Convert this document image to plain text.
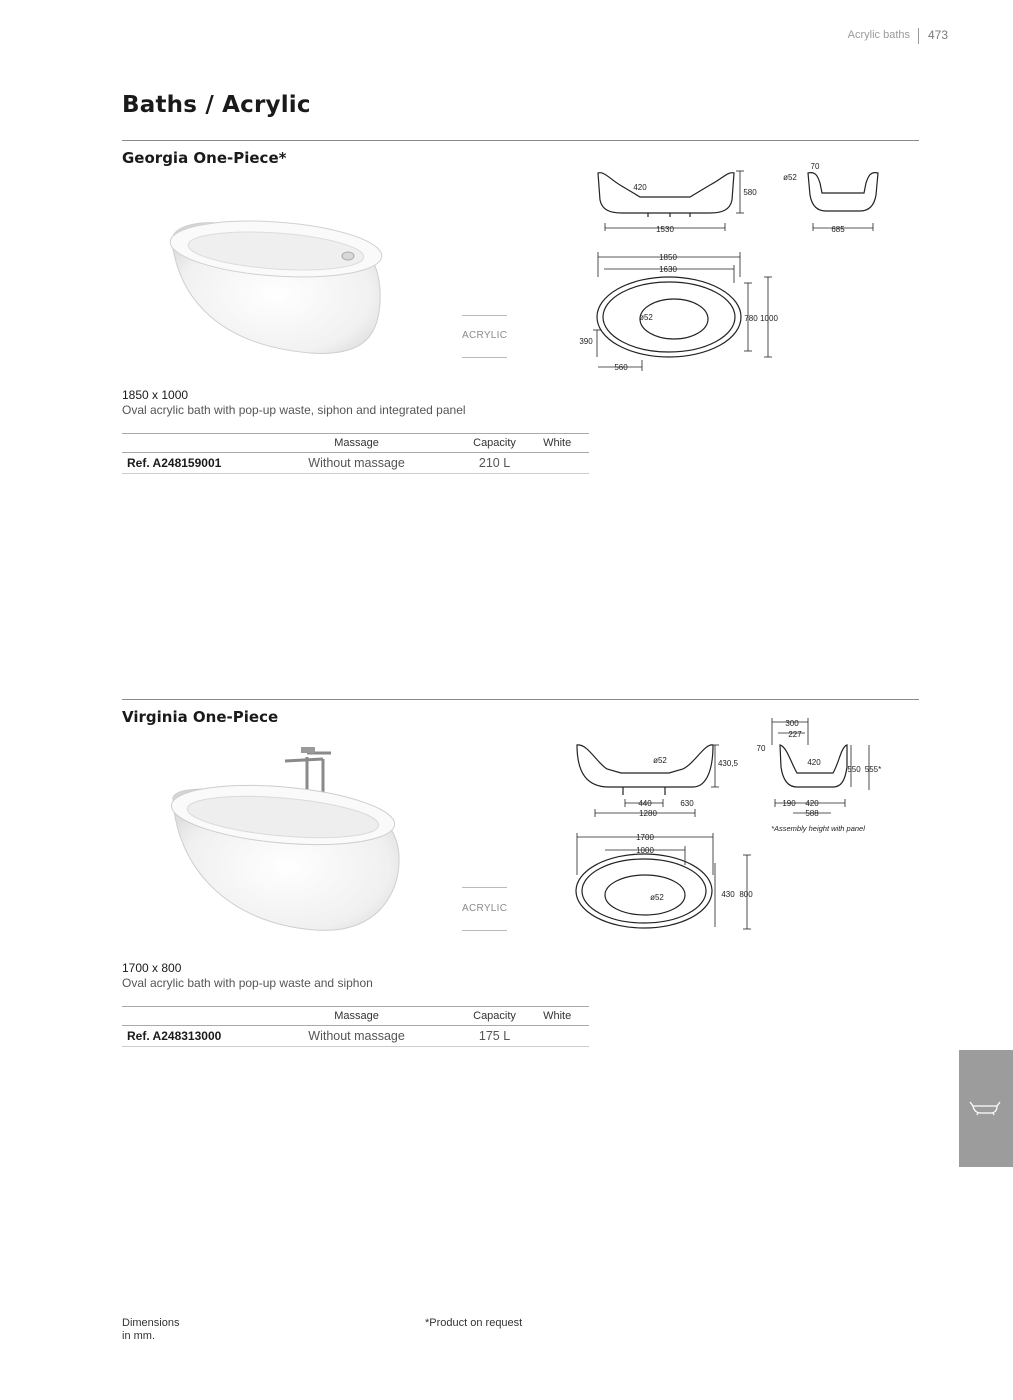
Acrylic baths 473
Baths / Acrylic
Georgia One-Piece*
ACRYLIC
420
580
1530
70
ø52
685
1850
1630
ø52	780 1000
390
560
1850 x 1000
Oval acrylic bath with pop-up waste, siphon and integrated panel
	Massage	Capacity	White
Ref. A248159001	Without massage	210 L	
Virginia One-Piece
ACRYLIC
ø52	430,5
440	630
1280
300
227
70
420
550 555*
190 420
588
*Assembly height with panel
1700
1000
ø52	430 800
1700 x 800
Oval acrylic bath with pop-up waste and siphon
	Massage	Capacity	White
Ref. A248313000	Without massage	175 L	
Dimensions
in mm.
*Product on request
